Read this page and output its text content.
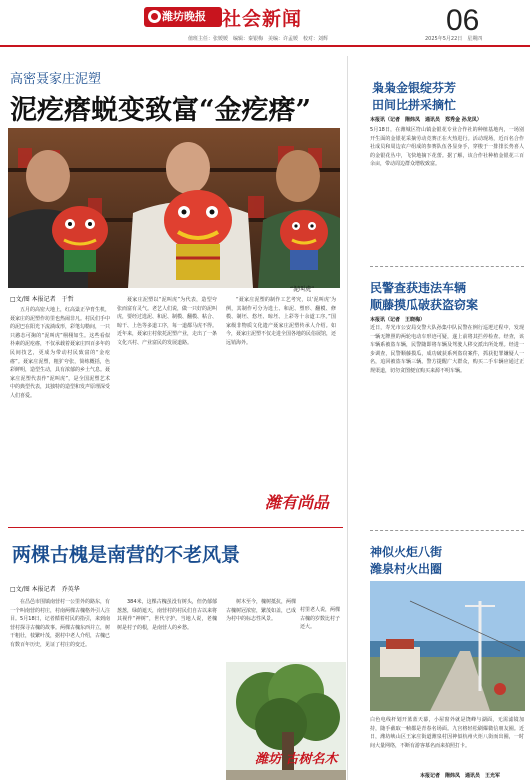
潍坊晚报 社会新闻	06
值班主任：张媛媛　编辑：秦银梅　美编：许孟媛　校对：刘辉	2025年5月22日　星期四
高密聂家庄泥塑
泥疙瘩蜕变致富“金疙瘩”
“泥叫虎”
□文/图 本报记者　于哲
五月的高密大地上，红高粱正孕育生机，聂家庄的泥塑作坊里也热闹非凡。村民们手中的泥巴在阳光下流淌成形，彩笔勾勒间，一只只憨态可掬的“泥叫虎”栩栩如生。这些看似朴素的泥疙瘩，不仅承载着聂家庄四百多年的民间技艺，更成为带动村民致富的“金疙瘩”。聂家庄泥塑，粗犷夸张，简练概括，色彩鲜明，造型生动，具有浓郁的乡土气息。聂家庄泥塑代表作“泥叫虎”，是全国泥塑艺术中的典型代表，其独特的造型和发声原理深受人们喜爱。
聂家庄泥塑以“泥叫虎”为代表，造型夸张而富有灵气。老艺人们说，做一只好的泥叫虎，要经过选泥、和泥、制模、翻模、粘合、晾干、上色等多道工序，每一道都马虎不得。近年来，聂家庄村依托泥塑产业，走出了一条文化兴村、产业富民的发展道路。
“聂家庄泥塑的制作工艺考究，以‘泥叫虎’为例，其制作可分为选土、和泥、塑形、翻模、修模、制坯、悠坯、晾坯、上彩等十余道工序。”国家级非物质文化遗产聂家庄泥塑传承人介绍。如今，聂家庄泥塑不仅走进全国各地的民俗展馆，还远销海外。
潍有尚品
两棵古槐是南营的不老风景
□文/图 本报记者　乔英华
在昌邑市围镇南营村一公里外的路东，有一个叫南营的村庄，村南两棵古槐格外引人注目。5月18日，记者循着村民的指引，来到南营村探寻古槐的故事。两棵古槐东西并立，树干粗壮，枝繁叶茂，据村中老人介绍，古槐已有数百年历史，见证了村庄的变迁。
384米，这棵古槐虽没有树头，但仍郁郁葱葱，绿荫遮天，南营村的村民们自古以来将其视作“神树”，世代守护。当地人说，老槐树是村子的根，是南营人的乡愁。
树木至今，槐树抵抗，两棵古槐树冠浓密，繁茂如盖，已成为村中的标志性风景。
村里老人说，两棵古槐的岁数比村子还大。
潍坊 古树名木
枭枭金银绽芬芳
田间比拼采摘忙
本报讯（记者　隋炜凤　通讯员　郑秀金 孙龙凤）
5月18日，在潍城区符山镇金银花专业合作社的种植基地内，一场别开生面的金银花采摘劳动竞赛正在火热进行。活动现场，近百名合作社成员和周边农户组成的参赛队伍各显身手，穿梭于一排排长势喜人的金银花丛中，飞快地摘下花蕾。据了解，该合作社种植金银花三百余亩，带动周边群众增收致富。
民警查获违法车辆
顺藤摸瓜破获盗窃案
本报讯（记者　王晓梅）
近日，寿光市公安局交警大队孙集中队民警在例行巡逻过程中，发现一辆无牌照的两轮电动车形迹可疑，遂上前将其拦停检查。经查，该车辆系被盗车辆，民警随即将车辆及驾驶人移交派出所处理。经进一步调查，民警顺藤摸瓜，成功破获系列盗窃案件，抓获犯罪嫌疑人一名，追回被盗车辆三辆。警方提醒广大群众，购买二手车辆应通过正规渠道，切勿贪图便宜购买来源不明车辆。
神似火炬八街
潍泉村火出圈
白色电线杆划开蓝蓝天幕，小屋窗外就是饶峰与湖面，无需滤镜加持，随手截取一帧都是青春名场面。九宫格轻松刷爆微信朋友圈。近日，潍坊峡山区王家庄街道潍泉村因神似杭州火炬八街而出圈，一时间大量网络，不断有游客慕名而来拍照打卡。
本报记者　隋炜凤　通讯员　王光军
